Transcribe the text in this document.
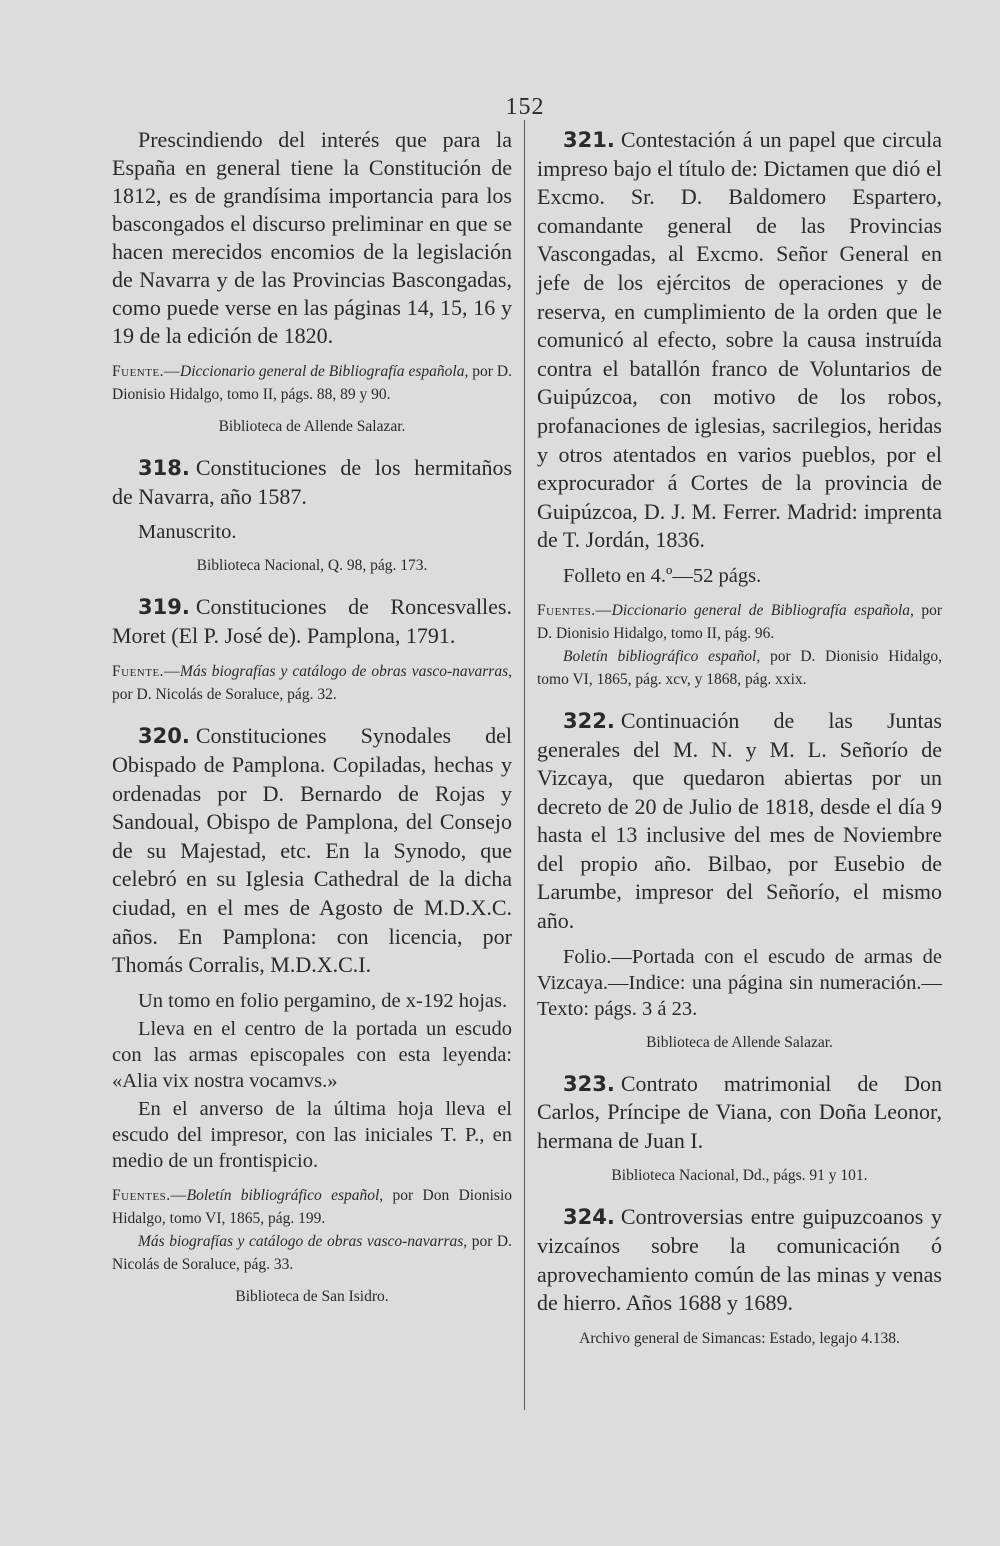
152

Prescindiendo del interés que para la España en general tiene la Constitución de 1812, es de grandísima importancia para los bascongados el discurso preliminar en que se hacen merecidos encomios de la legislación de Navarra y de las Provincias Bascongadas, como puede verse en las páginas 14, 15, 16 y 19 de la edición de 1820.

Fuente.—Diccionario general de Bibliografía española, por D. Dionisio Hidalgo, tomo II, págs. 88, 89 y 90.

Biblioteca de Allende Salazar.

318. Constituciones de los hermitaños de Navarra, año 1587.

Manuscrito.

Biblioteca Nacional, Q. 98, pág. 173.

319. Constituciones de Roncesvalles. Moret (El P. José de). Pamplona, 1791.

Fuente.—Más biografías y catálogo de obras vasco-navarras, por D. Nicolás de Soraluce, pág. 32.

320. Constituciones Synodales del Obispado de Pamplona. Copiladas, hechas y ordenadas por D. Bernardo de Rojas y Sandoual, Obispo de Pamplona, del Consejo de su Majestad, etc. En la Synodo, que celebró en su Iglesia Cathedral de la dicha ciudad, en el mes de Agosto de M.D.X.C. años. En Pamplona: con licencia, por Thomás Corralis, M.D.X.C.I.

Un tomo en folio pergamino, de x-192 hojas.

Lleva en el centro de la portada un escudo con las armas episcopales con esta leyenda: «Alia vix nostra vocamvs.»

En el anverso de la última hoja lleva el escudo del impresor, con las iniciales T. P., en medio de un frontispicio.

Fuentes.—Boletín bibliográfico español, por Don Dionisio Hidalgo, tomo VI, 1865, pág. 199.

Más biografías y catálogo de obras vasco-navarras, por D. Nicolás de Soraluce, pág. 33.

Biblioteca de San Isidro.

321. Contestación á un papel que circula impreso bajo el título de: Dictamen que dió el Excmo. Sr. D. Baldomero Espartero, comandante general de las Provincias Vascongadas, al Excmo. Señor General en jefe de los ejércitos de operaciones y de reserva, en cumplimiento de la orden que le comunicó al efecto, sobre la causa instruída contra el batallón franco de Voluntarios de Guipúzcoa, con motivo de los robos, profanaciones de iglesias, sacrilegios, heridas y otros atentados en varios pueblos, por el exprocurador á Cortes de la provincia de Guipúzcoa, D. J. M. Ferrer. Madrid: imprenta de T. Jordán, 1836.

Folleto en 4.º—52 págs.

Fuentes.—Diccionario general de Bibliografía española, por D. Dionisio Hidalgo, tomo II, pág. 96.

Boletín bibliográfico español, por D. Dionisio Hidalgo, tomo VI, 1865, pág. xcv, y 1868, pág. xxix.

322. Continuación de las Juntas generales del M. N. y M. L. Señorío de Vizcaya, que quedaron abiertas por un decreto de 20 de Julio de 1818, desde el día 9 hasta el 13 inclusive del mes de Noviembre del propio año. Bilbao, por Eusebio de Larumbe, impresor del Señorío, el mismo año.

Folio.—Portada con el escudo de armas de Vizcaya.—Indice: una página sin numeración.—Texto: págs. 3 á 23.

Biblioteca de Allende Salazar.

323. Contrato matrimonial de Don Carlos, Príncipe de Viana, con Doña Leonor, hermana de Juan I.

Biblioteca Nacional, Dd., págs. 91 y 101.

324. Controversias entre guipuzcoanos y vizcaínos sobre la comunicación ó aprovechamiento común de las minas y venas de hierro. Años 1688 y 1689.

Archivo general de Simancas: Estado, legajo 4.138.
